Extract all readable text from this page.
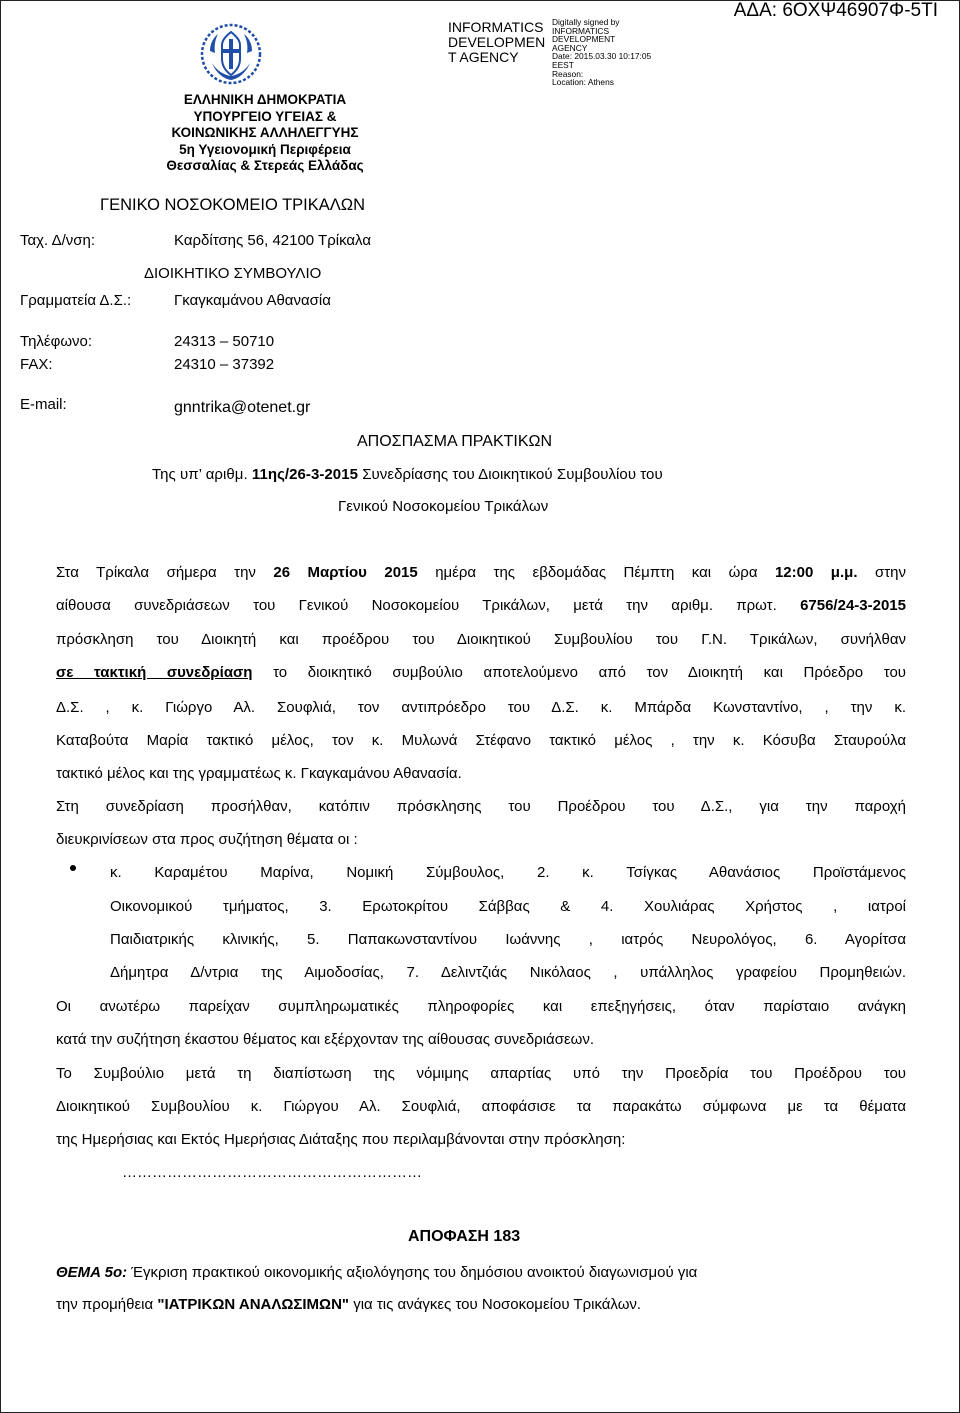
ΑΔΑ: 6ΟΧΨ46907Φ-5ΤΙ
INFORMATICS DEVELOPMEN T AGENCY
Digitally signed by
INFORMATICS
DEVELOPMENT AGENCY
Date: 2015.03.30 10:17:05
EEST
Reason:
Location: Athens
ΕΛΛΗΝΙΚΗ ΔΗΜΟΚΡΑΤΙΑ
ΥΠΟΥΡΓΕΙΟ ΥΓΕΙΑΣ &
ΚΟΙΝΩΝΙΚΗΣ ΑΛΛΗΛΕΓΓΥΗΣ
5η Υγειονομική Περιφέρεια
Θεσσαλίας & Στερεάς Ελλάδας
ΓΕΝΙΚΟ ΝΟΣΟΚΟΜΕΙΟ ΤΡΙΚΑΛΩΝ
Ταχ. Δ/νση:	Καρδίτσης 56, 42100 Τρίκαλα
ΔΙΟΙΚΗΤΙΚΟ ΣΥΜΒΟΥΛΙΟ
Γραμματεία Δ.Σ.:	Γκαγκαμάνου Αθανασία
Τηλέφωνο:	24313 – 50710
FAX:	24310 – 37392
E-mail:	gnntrika@otenet.gr
ΑΠΟΣΠΑΣΜΑ ΠΡΑΚΤΙΚΩΝ
Της υπ’ αριθμ. 11ης/26-3-2015 Συνεδρίασης του Διοικητικού Συμβουλίου του
Γενικού Νοσοκομείου Τρικάλων
Στα Τρίκαλα σήμερα την 26 Μαρτίου 2015 ημέρα της εβδομάδας Πέμπτη και ώρα 12:00 μ.μ. στην
αίθουσα συνεδριάσεων του Γενικού Νοσοκομείου Τρικάλων, μετά την αριθμ. πρωτ. 6756/24-3-2015
πρόσκληση του Διοικητή και προέδρου του Διοικητικού Συμβουλίου του Γ.Ν. Τρικάλων, συνήλθαν
σε τακτική συνεδρίαση το διοικητικό συμβούλιο αποτελούμενο από τον Διοικητή και Πρόεδρο του
Δ.Σ. , κ. Γιώργο Αλ. Σουφλιά, τον αντιπρόεδρο του Δ.Σ. κ. Μπάρδα Κωνσταντίνο, , την κ.
Καταβούτα Μαρία τακτικό μέλος, τον κ. Μυλωνά Στέφανο τακτικό μέλος , την κ. Κόσυβα Σταυρούλα
τακτικό μέλος και της γραμματέως κ. Γκαγκαμάνου Αθανασία.
Στη συνεδρίαση προσήλθαν, κατόπιν πρόσκλησης του Προέδρου του Δ.Σ., για την παροχή
διευκρινίσεων στα προς συζήτηση θέματα οι :
κ. Καραμέτου Μαρίνα, Νομική Σύμβουλος, 2. κ. Τσίγκας Αθανάσιος Προϊστάμενος
Οικονομικού τμήματος, 3. Ερωτοκρίτου Σάββας & 4. Χουλιάρας Χρήστος , ιατροί
Παιδιατρικής κλινικής, 5. Παπακωνσταντίνου Ιωάννης , ιατρός Νευρολόγος, 6. Αγορίτσα
Δήμητρα Δ/ντρια της Αιμοδοσίας, 7. Δελιντζιάς Νικόλαος , υπάλληλος γραφείου Προμηθειών.
Οι ανωτέρω παρείχαν συμπληρωματικές πληροφορίες και επεξηγήσεις, όταν παρίσταιο ανάγκη
κατά την συζήτηση έκαστου θέματος και εξέρχονταν της αίθουσας συνεδριάσεων.
Το Συμβούλιο μετά τη διαπίστωση της νόμιμης απαρτίας υπό την Προεδρία του Προέδρου του
Διοικητικού Συμβουλίου κ. Γιώργου Αλ. Σουφλιά, αποφάσισε τα παρακάτω σύμφωνα με τα θέματα
της Ημερήσιας και Εκτός Ημερήσιας Διάταξης που περιλαμβάνονται στην πρόσκληση:
……………………………………………………
ΑΠΟΦΑΣΗ 183
ΘΕΜΑ 5ο: Έγκριση πρακτικού οικονομικής αξιολόγησης του δημόσιου ανοικτού διαγωνισμού για
την προμήθεια "ΙΑΤΡΙΚΩΝ ΑΝΑΛΩΣΙΜΩΝ" για τις ανάγκες του Νοσοκομείου Τρικάλων.
